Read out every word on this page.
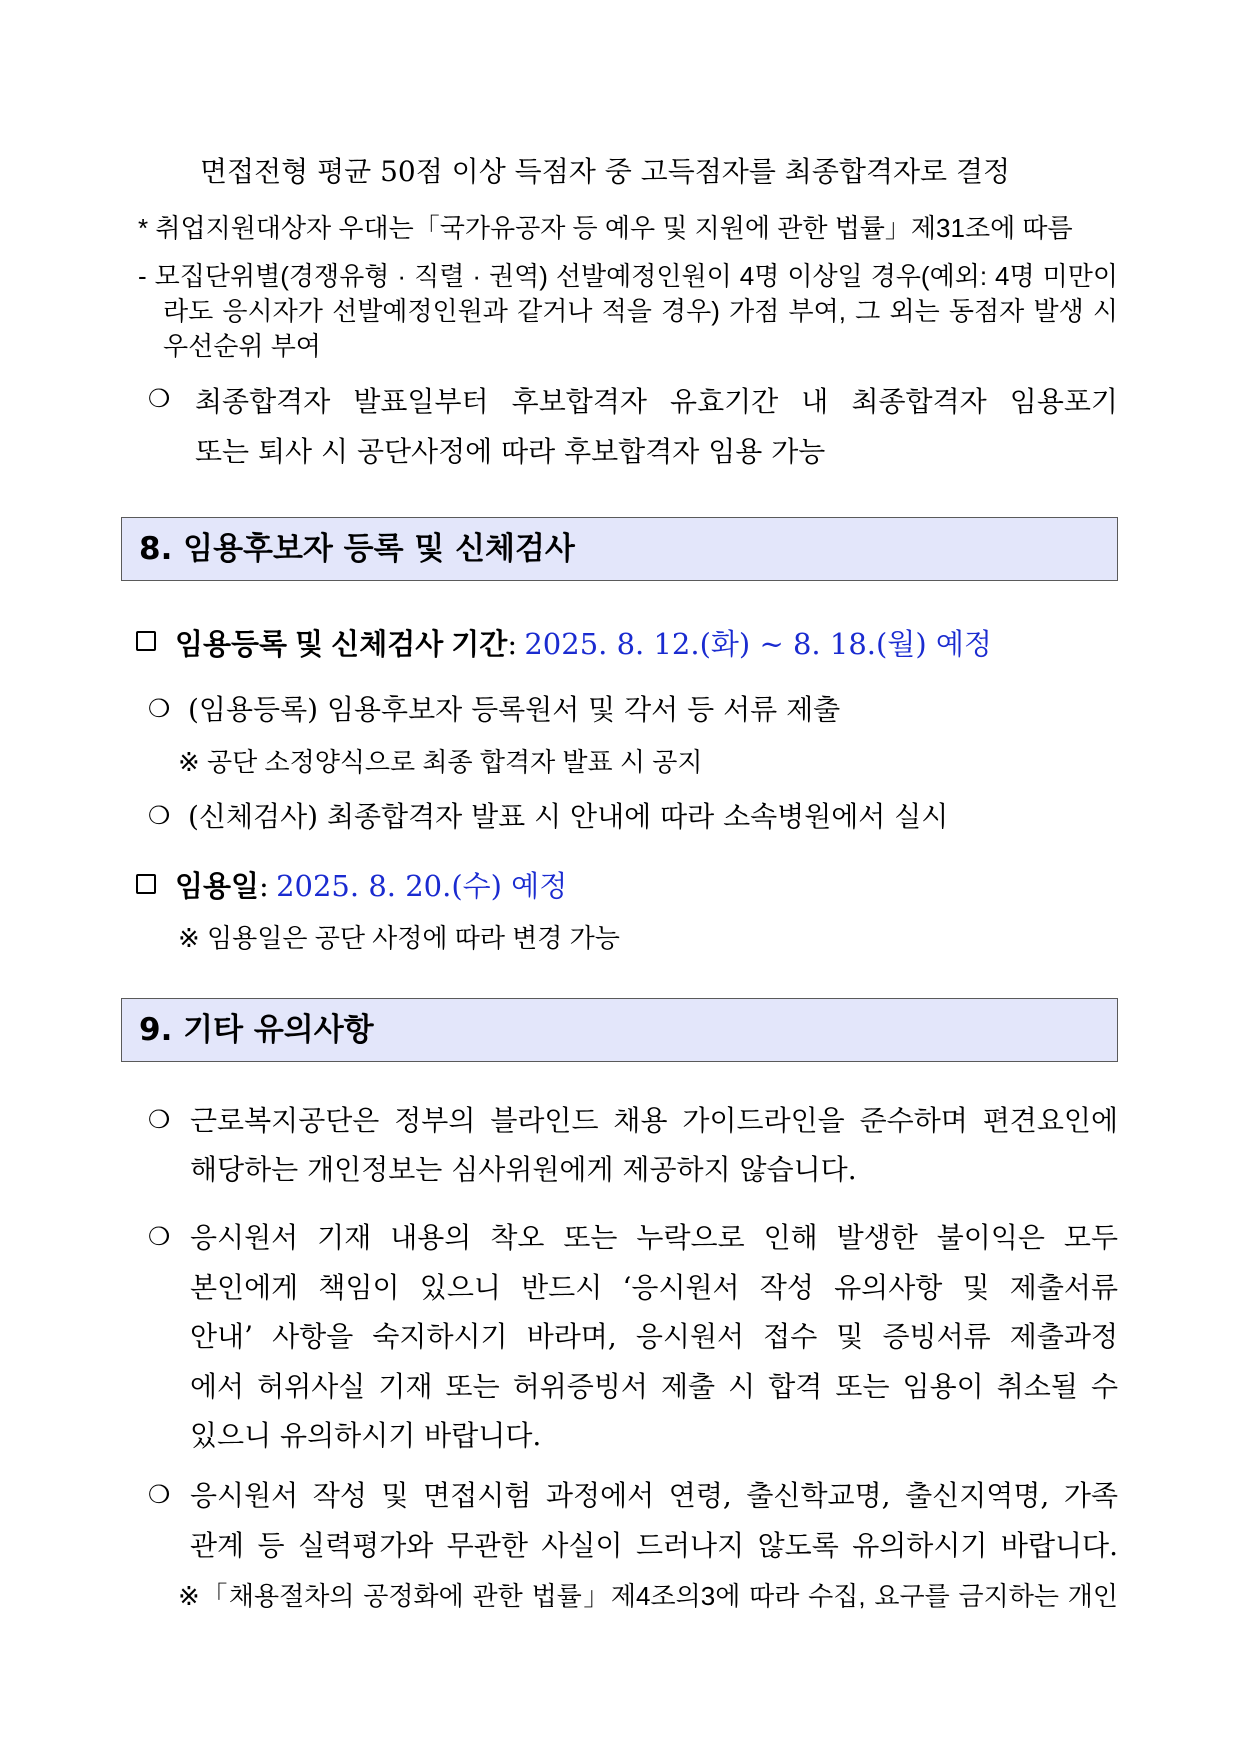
면접전형 평균 50점 이상 득점자 중 고득점자를 최종합격자로 결정
* 취업지원대상자 우대는「국가유공자 등 예우 및 지원에 관한 법률」제31조에 따름
- 모집단위별(경쟁유형 · 직렬 · 권역) 선발예정인원이 4명 이상일 경우(예외: 4명 미만이
라도 응시자가 선발예정인원과 같거나 적을 경우) 가점 부여, 그 외는 동점자 발생 시
우선순위 부여
❍ 최종합격자 발표일부터 후보합격자 유효기간 내 최종합격자 임용포기
또는 퇴사 시 공단사정에 따라 후보합격자 임용 가능
8. 임용후보자 등록 및 신체검사
임용등록 및 신체검사 기간: 2025. 8. 12.(화) ~ 8. 18.(월) 예정
❍ (임용등록) 임용후보자 등록원서 및 각서 등 서류 제출
※ 공단 소정양식으로 최종 합격자 발표 시 공지
❍ (신체검사) 최종합격자 발표 시 안내에 따라 소속병원에서 실시
임용일: 2025. 8. 20.(수) 예정
※ 임용일은 공단 사정에 따라 변경 가능
9. 기타 유의사항
❍ 근로복지공단은 정부의 블라인드 채용 가이드라인을 준수하며 편견요인에
해당하는 개인정보는 심사위원에게 제공하지 않습니다.
❍ 응시원서 기재 내용의 착오 또는 누락으로 인해 발생한 불이익은 모두
본인에게 책임이 있으니 반드시 ‘응시원서 작성 유의사항 및 제출서류
안내’ 사항을 숙지하시기 바라며, 응시원서 접수 및 증빙서류 제출과정
에서 허위사실 기재 또는 허위증빙서 제출 시 합격 또는 임용이 취소될 수
있으니 유의하시기 바랍니다.
❍ 응시원서 작성 및 면접시험 과정에서 연령, 출신학교명, 출신지역명, 가족
관계 등 실력평가와 무관한 사실이 드러나지 않도록 유의하시기 바랍니다.
※「채용절차의 공정화에 관한 법률」제4조의3에 따라 수집, 요구를 금지하는 개인
